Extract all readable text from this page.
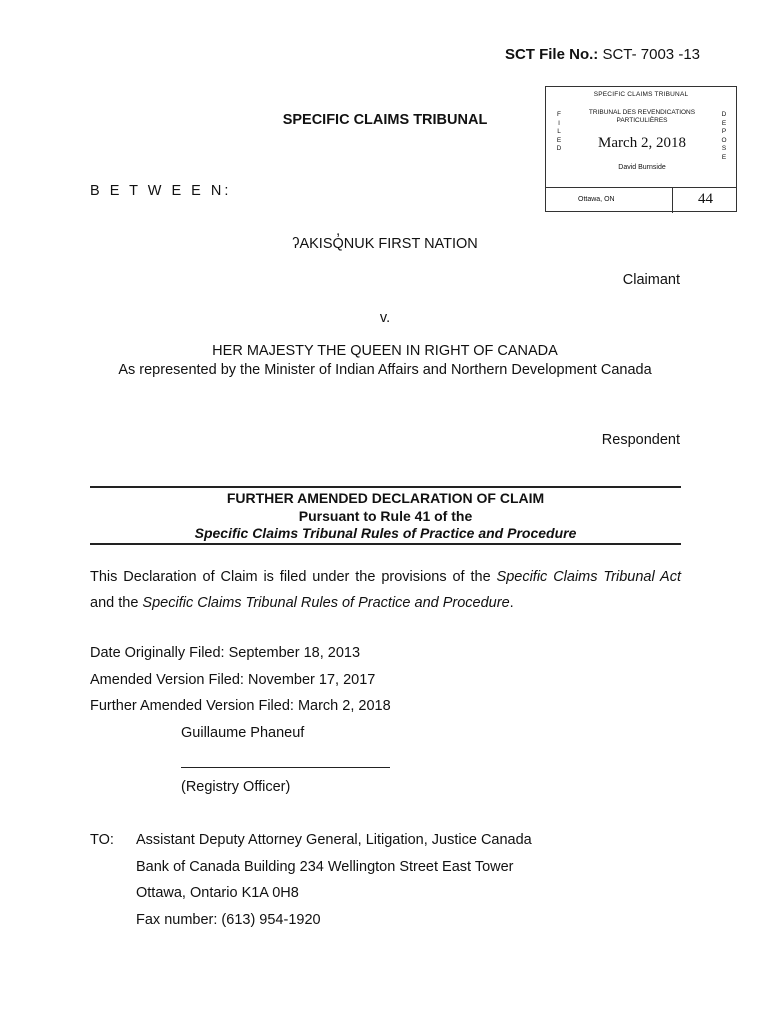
SCT File No.: SCT- 7003 -13
SPECIFIC CLAIMS TRIBUNAL
SPECIFIC CLAIMS TRIBUNAL
TRIBUNAL DES REVENDICATIONS
PARTICULIÈRES
F
I
L
E
D
D
E
P
O
S
E
March 2, 2018
David Burnside
Ottawa, ON	44
B E T W E E N:
ʔAKISQ̓NUK FIRST NATION
Claimant
v.
HER MAJESTY THE QUEEN IN RIGHT OF CANADA
As represented by the Minister of Indian Affairs and Northern Development Canada
Respondent
FURTHER AMENDED DECLARATION OF CLAIM
Pursuant to Rule 41 of the
Specific Claims Tribunal Rules of Practice and Procedure
This Declaration of Claim is filed under the provisions of the Specific Claims Tribunal Act and the Specific Claims Tribunal Rules of Practice and Procedure.
Date Originally Filed: September 18, 2013
Amended Version Filed: November 17, 2017
Further Amended Version Filed: March 2, 2018
Guillaume Phaneuf
(Registry Officer)
TO: Assistant Deputy Attorney General, Litigation, Justice Canada
Bank of Canada Building 234 Wellington Street East Tower
Ottawa, Ontario K1A 0H8
Fax number: (613) 954-1920
